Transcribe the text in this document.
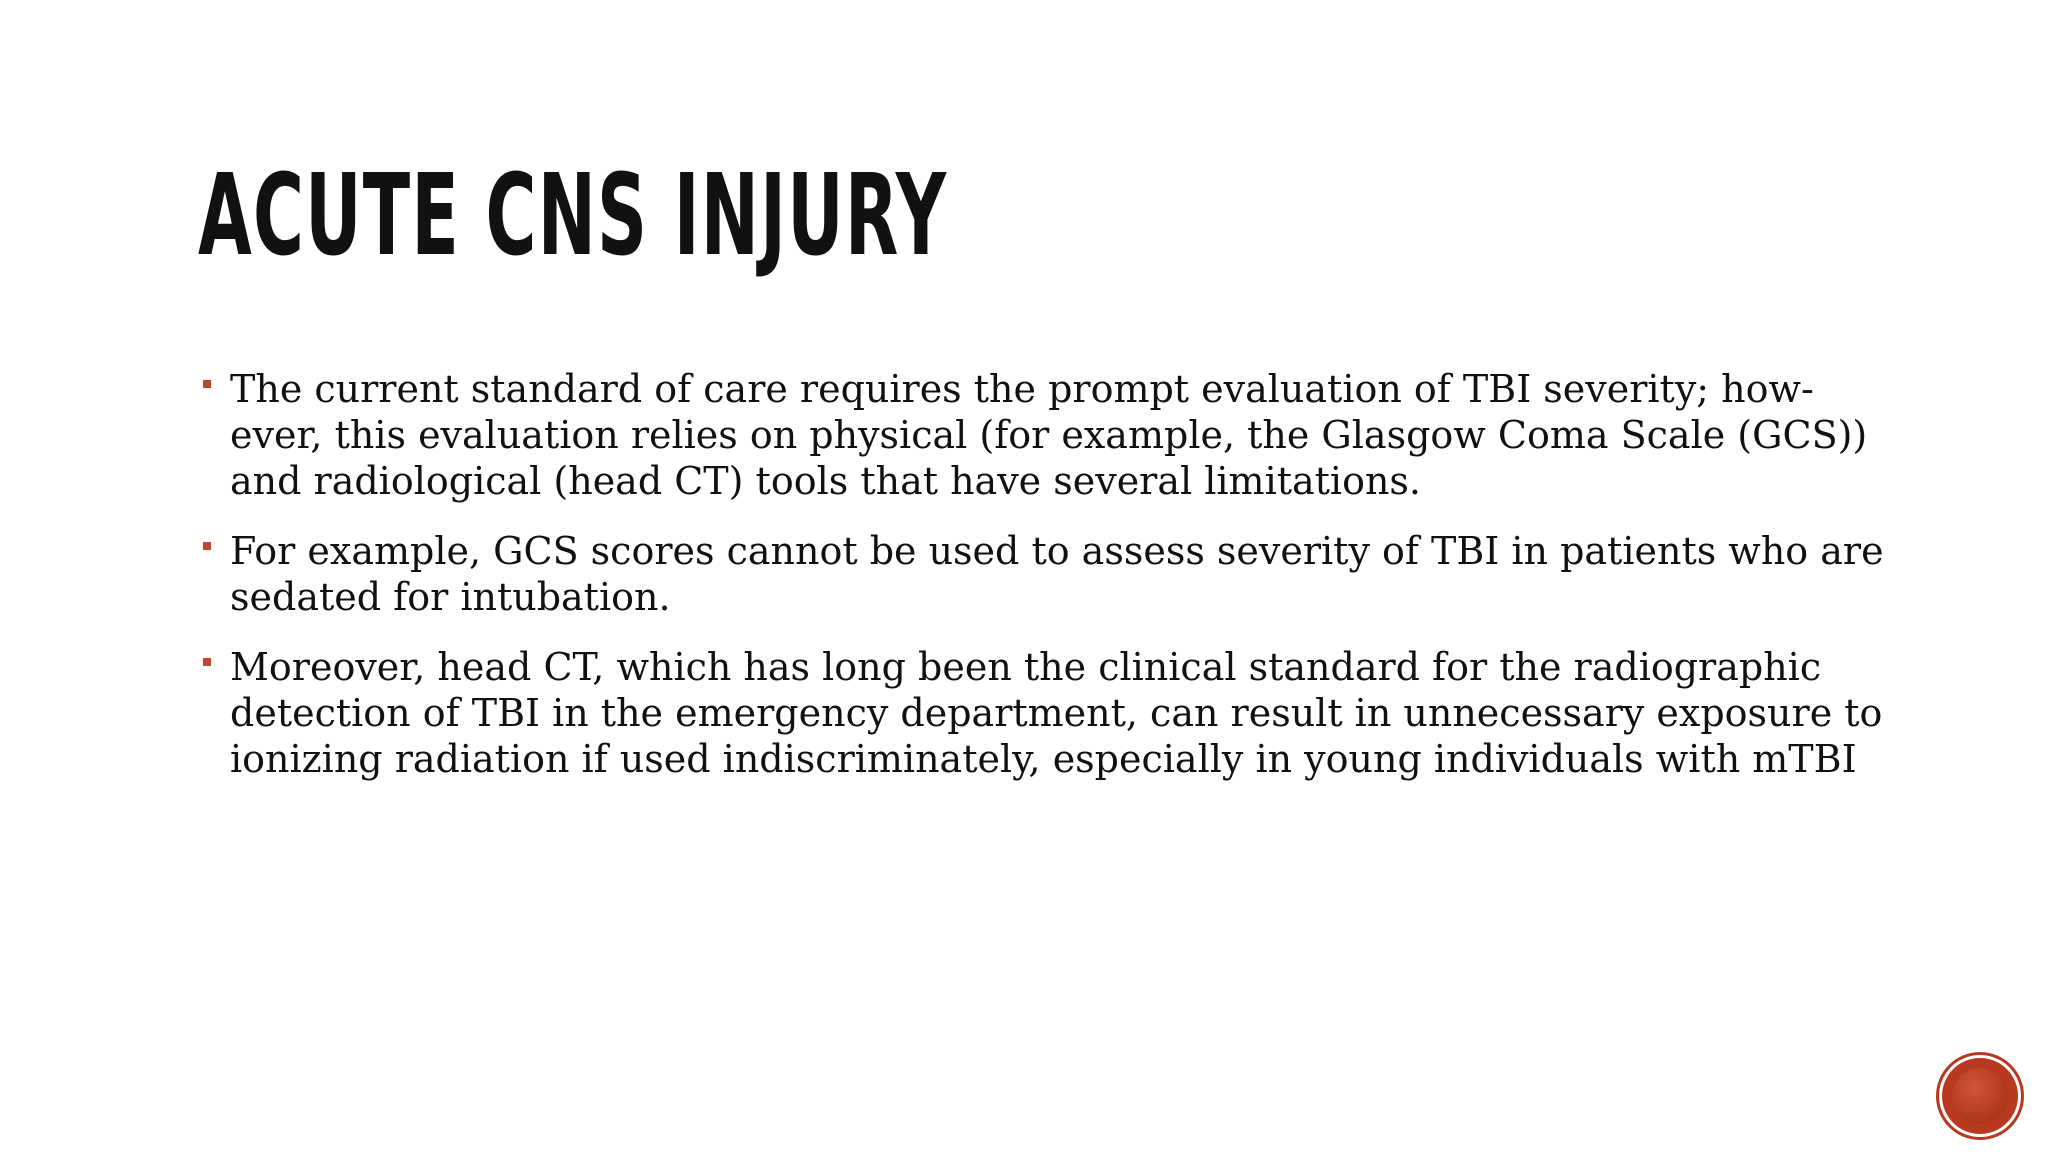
ACUTE CNS INJURY
The current standard of care requires the prompt evaluation of TBI severity; how-ever, this evaluation relies on physical (for example, the Glasgow Coma Scale (GCS)) and radiological (head CT) tools that have several limitations.
For example, GCS scores cannot be used to assess severity of TBI in patients who are sedated for intubation.
Moreover, head CT, which has long been the clinical standard for the radiographic detection of TBI in the emergency department, can result in unnecessary exposure to ionizing radiation if used indiscriminately, especially in young individuals with mTBI
